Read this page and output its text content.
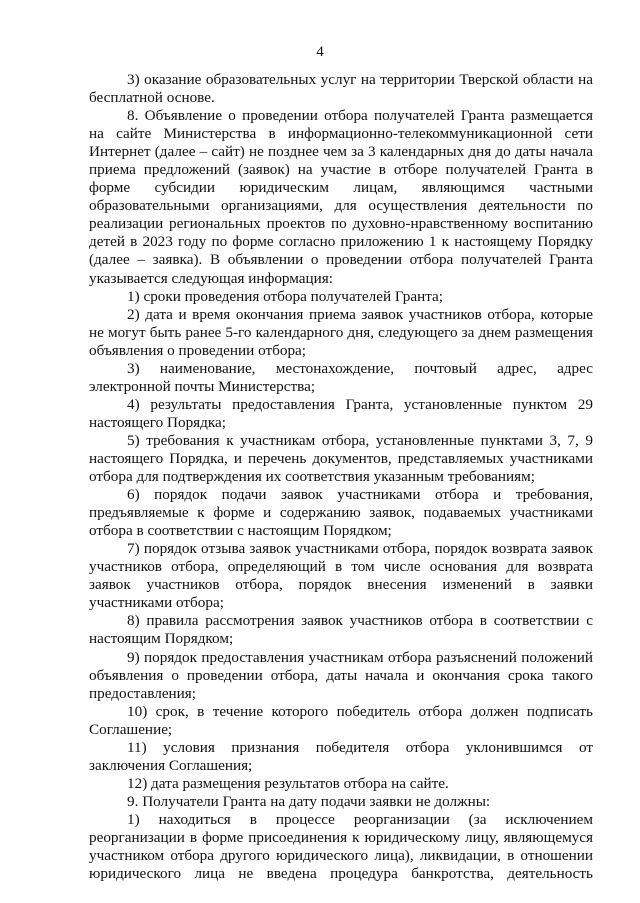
4

3) оказание образовательных услуг на территории Тверской области на бесплатной основе.

8. Объявление о проведении отбора получателей Гранта размещается на сайте Министерства в информационно-телекоммуникационной сети Интернет (далее – сайт) не позднее чем за 3 календарных дня до даты начала приема предложений (заявок) на участие в отборе получателей Гранта в форме субсидии юридическим лицам, являющимся частными образовательными организациями, для осуществления деятельности по реализации региональных проектов по духовно-нравственному воспитанию детей в 2023 году по форме согласно приложению 1 к настоящему Порядку (далее – заявка). В объявлении о проведении отбора получателей Гранта указывается следующая информация:

1) сроки проведения отбора получателей Гранта;

2) дата и время окончания приема заявок участников отбора, которые не могут быть ранее 5-го календарного дня, следующего за днем размещения объявления о проведении отбора;

3) наименование, местонахождение, почтовый адрес, адрес электронной почты Министерства;

4) результаты предоставления Гранта, установленные пунктом 29 настоящего Порядка;

5) требования к участникам отбора, установленные пунктами 3, 7, 9 настоящего Порядка, и перечень документов, представляемых участниками отбора для подтверждения их соответствия указанным требованиям;

6) порядок подачи заявок участниками отбора и требования, предъявляемые к форме и содержанию заявок, подаваемых участниками отбора в соответствии с настоящим Порядком;

7) порядок отзыва заявок участниками отбора, порядок возврата заявок участников отбора, определяющий в том числе основания для возврата заявок участников отбора, порядок внесения изменений в заявки участниками отбора;

8) правила рассмотрения заявок участников отбора в соответствии с настоящим Порядком;

9) порядок предоставления участникам отбора разъяснений положений объявления о проведении отбора, даты начала и окончания срока такого предоставления;

10) срок, в течение которого победитель отбора должен подписать Соглашение;

11) условия признания победителя отбора уклонившимся от заключения Соглашения;

12) дата размещения результатов отбора на сайте.

9. Получатели Гранта на дату подачи заявки не должны:

1) находиться в процессе реорганизации (за исключением реорганизации в форме присоединения к юридическому лицу, являющемуся участником отбора другого юридического лица), ликвидации, в отношении юридического лица не введена процедура банкротства, деятельность
